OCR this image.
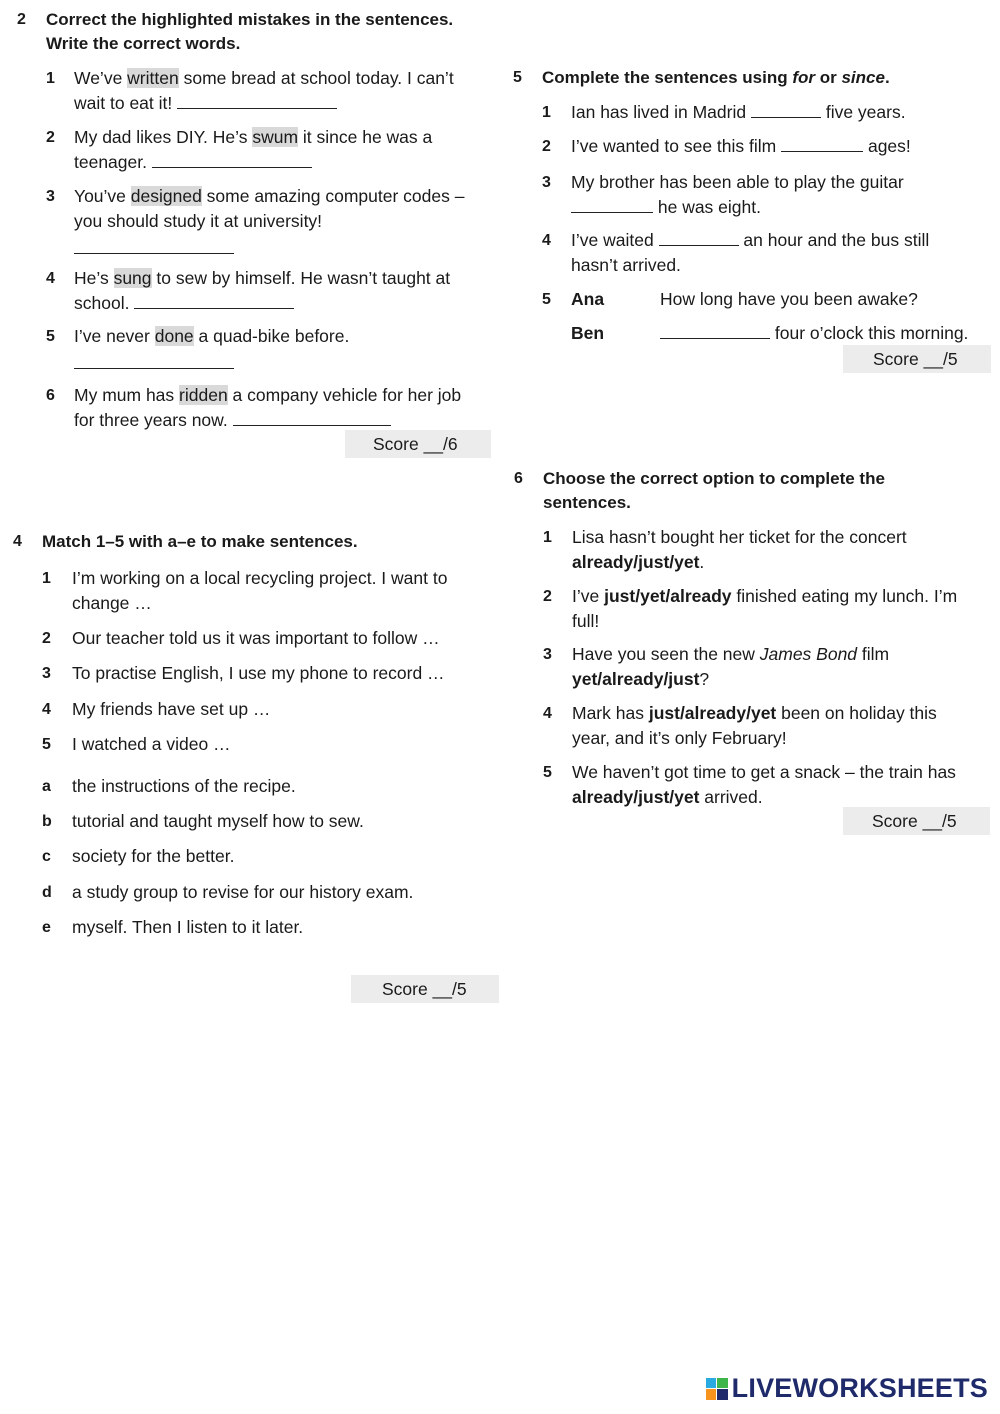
2 Correct the highlighted mistakes in the sentences.
Write the correct words.
1 We’ve written some bread at school today. I can’t
wait to eat it!
2 My dad likes DIY. He’s swum it since he was a
teenager.
3 You’ve designed some amazing computer codes –
you should study it at university!
4 He’s sung to sew by himself. He wasn’t taught at
school.
5 I’ve never done a quad-bike before.
6 My mum has ridden a company vehicle for her job
for three years now.
Score __/6
4 Match 1–5 with a–e to make sentences.
1 I’m working on a local recycling project. I want to
change …
2 Our teacher told us it was important to follow …
3 To practise English, I use my phone to record …
4 My friends have set up …
5 I watched a video …
a the instructions of the recipe.
b tutorial and taught myself how to sew.
c society for the better.
d a study group to revise for our history exam.
e myself. Then I listen to it later.
Score __/5
5 Complete the sentences using for or since.
1 Ian has lived in Madrid	five years.
2 I’ve wanted to see this film	ages!
3 My brother has been able to play the guitar
he was eight.
4 I’ve waited	an hour and the bus still
hasn’t arrived.
5 Ana	How long have you been awake?
Ben	four o’clock this morning.
Score __/5
6 Choose the correct option to complete the
sentences.
1 Lisa hasn’t bought her ticket for the concert
already/just/yet.
2 I’ve just/yet/already finished eating my lunch. I’m
full!
3 Have you seen the new James Bond film
yet/already/just?
4 Mark has just/already/yet been on holiday this
year, and it’s only February!
5 We haven’t got time to get a snack – the train has
already/just/yet arrived.
Score __/5
LIVEWORKSHEETS
